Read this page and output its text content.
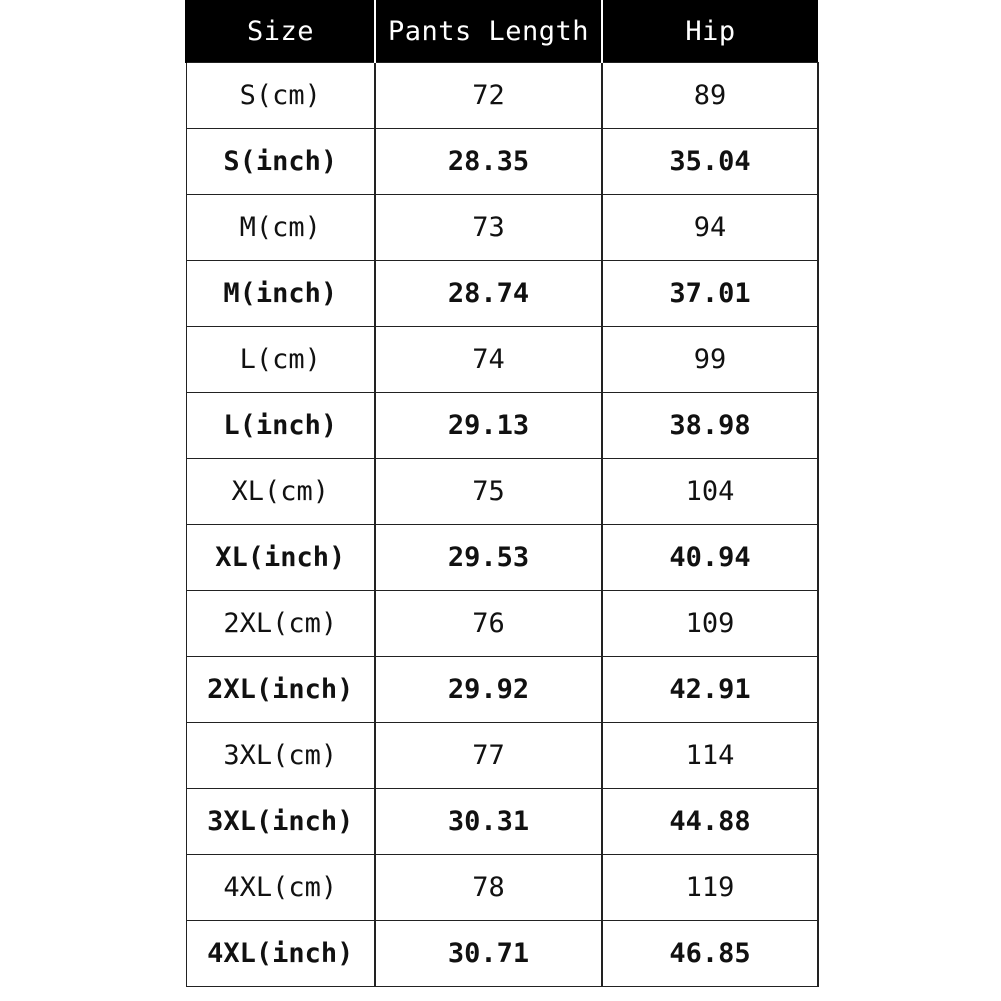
Size	Pants Length	Hip
S(cm)	72	89
S(inch)	28.35	35.04
M(cm)	73	94
M(inch)	28.74	37.01
L(cm)	74	99
L(inch)	29.13	38.98
XL(cm)	75	104
XL(inch)	29.53	40.94
2XL(cm)	76	109
2XL(inch)	29.92	42.91
3XL(cm)	77	114
3XL(inch)	30.31	44.88
4XL(cm)	78	119
4XL(inch)	30.71	46.85
